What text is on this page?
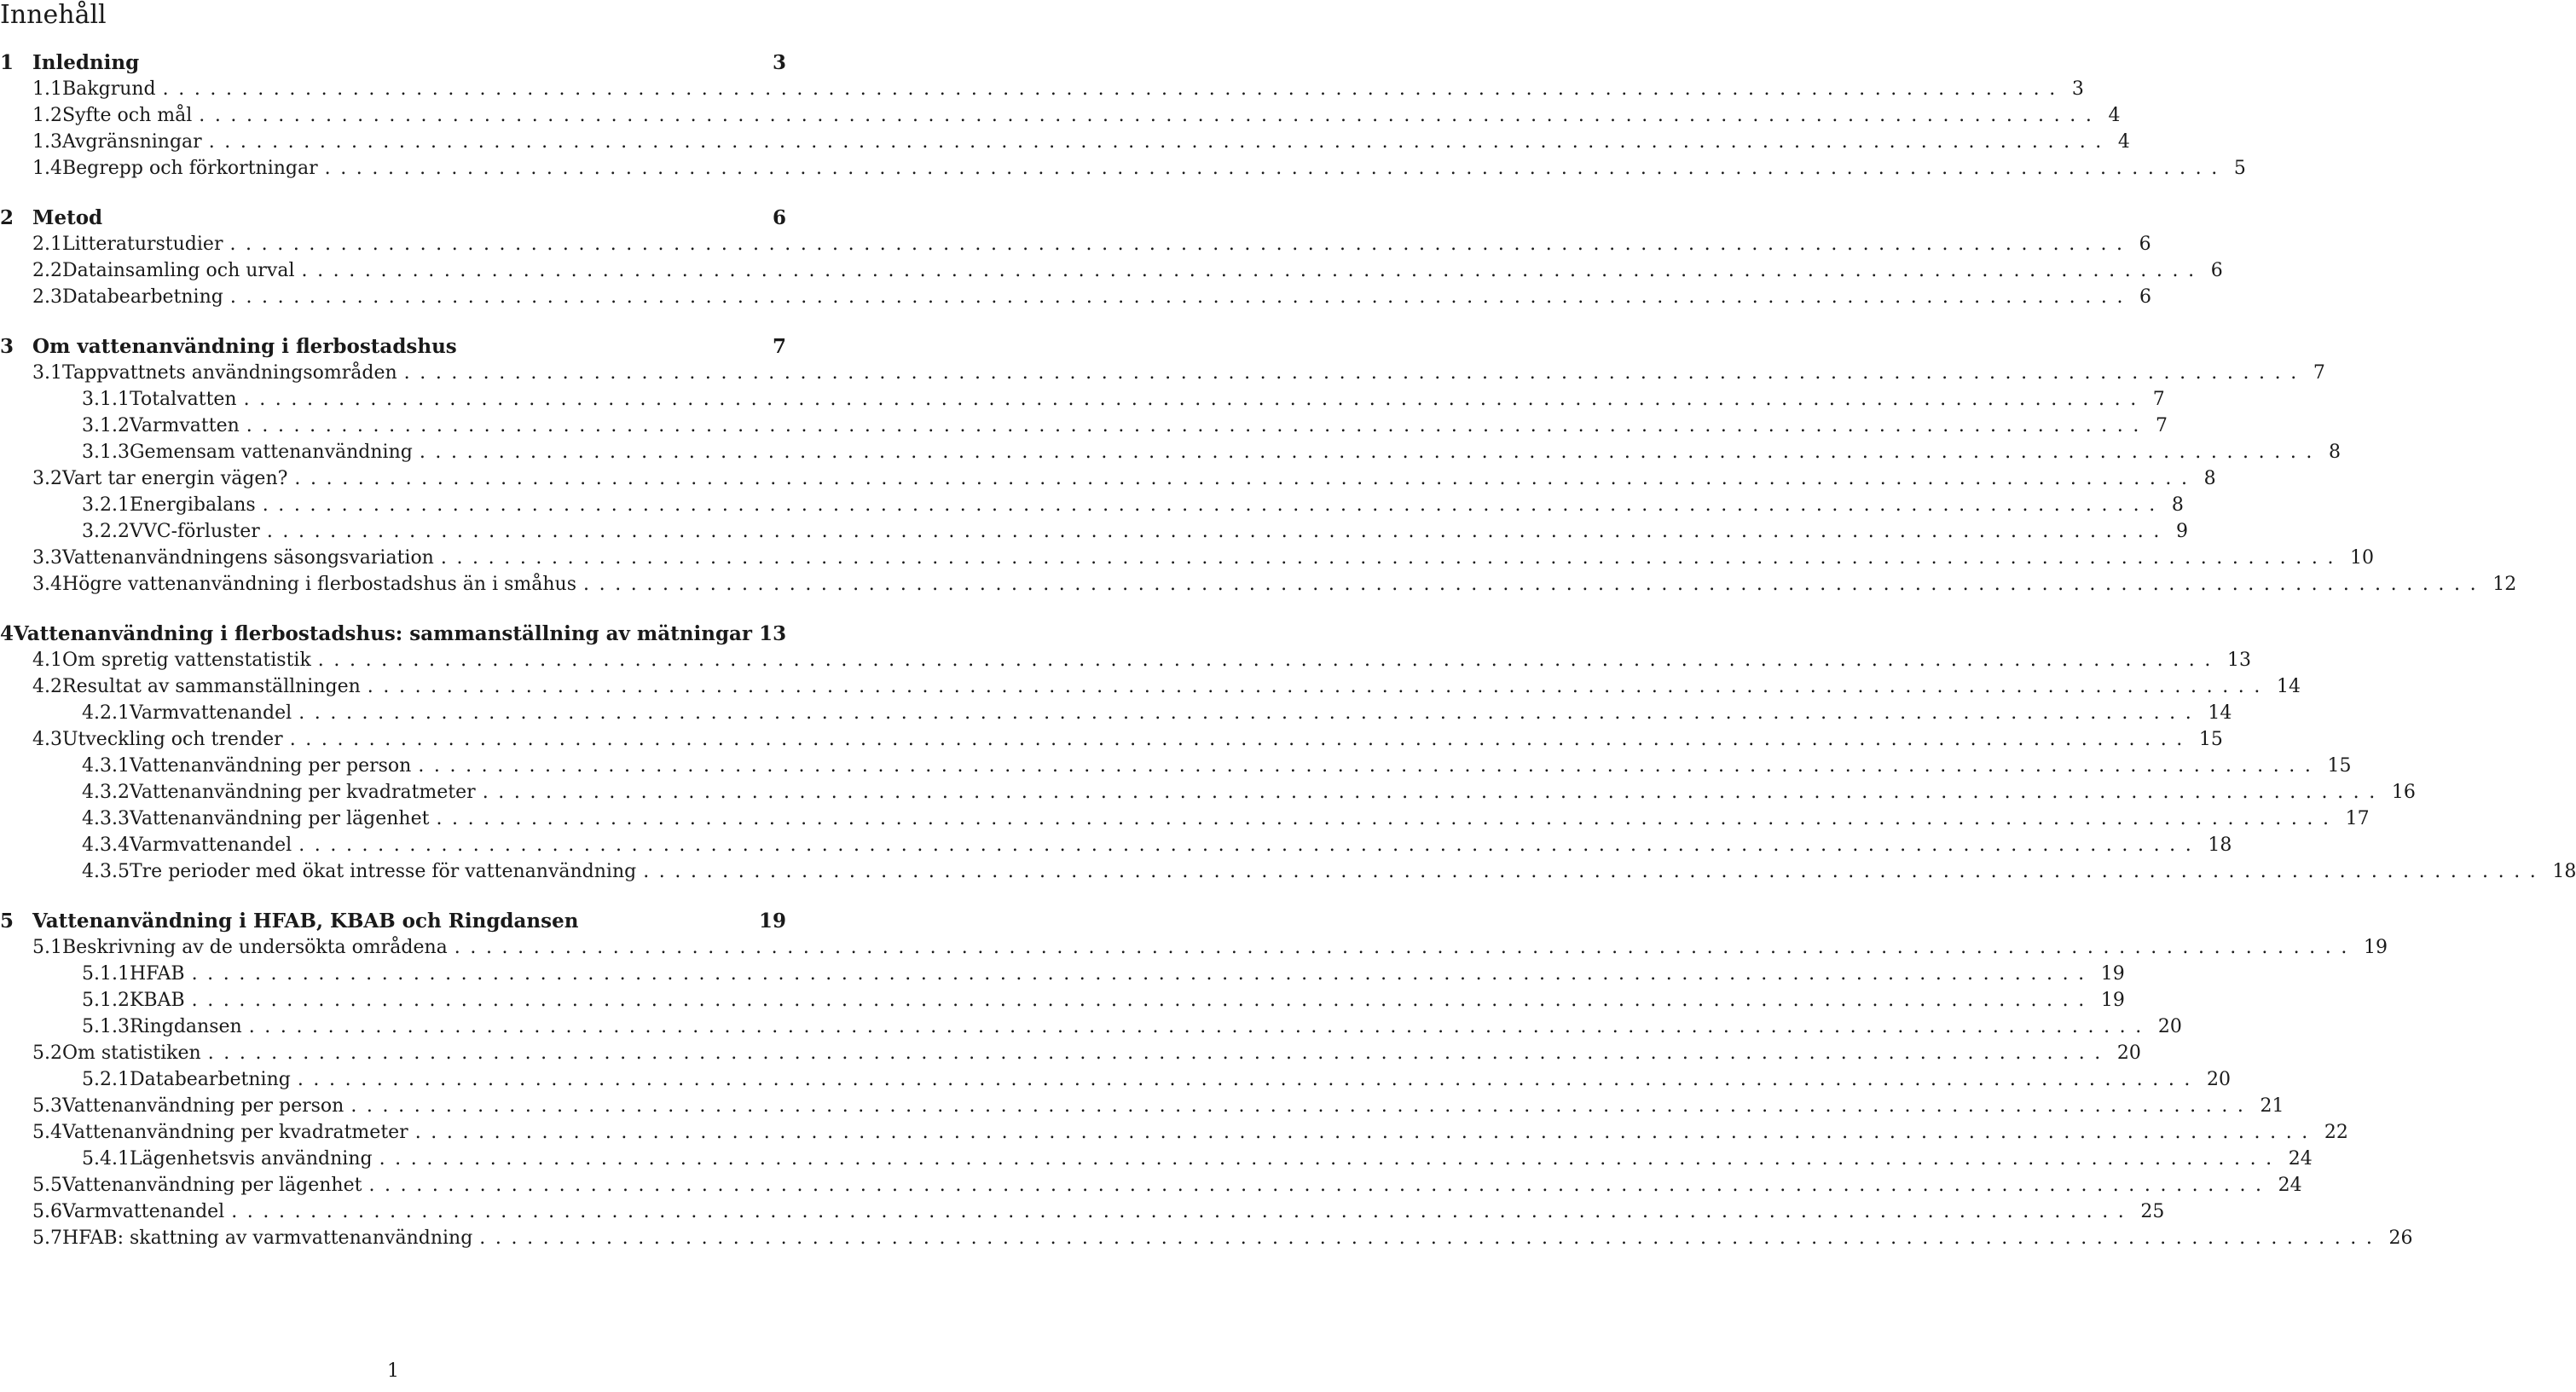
Innehåll
1 Inledning	3
1.1 Bakgrund ........................................................................................................................ 3
1.2 Syfte och mål ........................................................................................................................ 4
1.3 Avgränsningar ........................................................................................................................ 4
1.4 Begrepp och förkortningar ........................................................................................................................ 5
2 Metod	6
2.1 Litteraturstudier ........................................................................................................................ 6
2.2 Datainsamling och urval ........................................................................................................................ 6
2.3 Databearbetning ........................................................................................................................ 6
3 Om vattenanvändning i flerbostadshus	7
3.1 Tappvattnets användningsområden ........................................................................................................................ 7
3.1.1 Totalvatten ........................................................................................................................ 7
3.1.2 Varmvatten ........................................................................................................................ 7
3.1.3 Gemensam vattenanvändning ........................................................................................................................ 8
3.2 Vart tar energin vägen? ........................................................................................................................ 8
3.2.1 Energibalans ........................................................................................................................ 8
3.2.2 VVC-förluster ........................................................................................................................ 9
3.3 Vattenanvändningens säsongsvariation ........................................................................................................................ 10
3.4 Högre vattenanvändning i flerbostadshus än i småhus ........................................................................................................................ 12
4 Vattenanvändning i flerbostadshus: sammanställning av mätningar 13
4.1 Om spretig vattenstatistik ........................................................................................................................ 13
4.2 Resultat av sammanställningen ........................................................................................................................ 14
4.2.1 Varmvattenandel ........................................................................................................................ 14
4.3 Utveckling och trender ........................................................................................................................ 15
4.3.1 Vattenanvändning per person ........................................................................................................................ 15
4.3.2 Vattenanvändning per kvadratmeter ........................................................................................................................ 16
4.3.3 Vattenanvändning per lägenhet ........................................................................................................................ 17
4.3.4 Varmvattenandel ........................................................................................................................ 18
4.3.5 Tre perioder med ökat intresse för vattenanvändning ........................................................................................................................ 18
5 Vattenanvändning i HFAB, KBAB och Ringdansen	19
5.1 Beskrivning av de undersökta områdena ........................................................................................................................ 19
5.1.1 HFAB ........................................................................................................................ 19
5.1.2 KBAB ........................................................................................................................ 19
5.1.3 Ringdansen ........................................................................................................................ 20
5.2 Om statistiken ........................................................................................................................ 20
5.2.1 Databearbetning ........................................................................................................................ 20
5.3 Vattenanvändning per person ........................................................................................................................ 21
5.4 Vattenanvändning per kvadratmeter ........................................................................................................................ 22
5.4.1 Lägenhetsvis användning ........................................................................................................................ 24
5.5 Vattenanvändning per lägenhet ........................................................................................................................ 24
5.6 Varmvattenandel ........................................................................................................................ 25
5.7 HFAB: skattning av varmvattenanvändning ........................................................................................................................ 26
1
